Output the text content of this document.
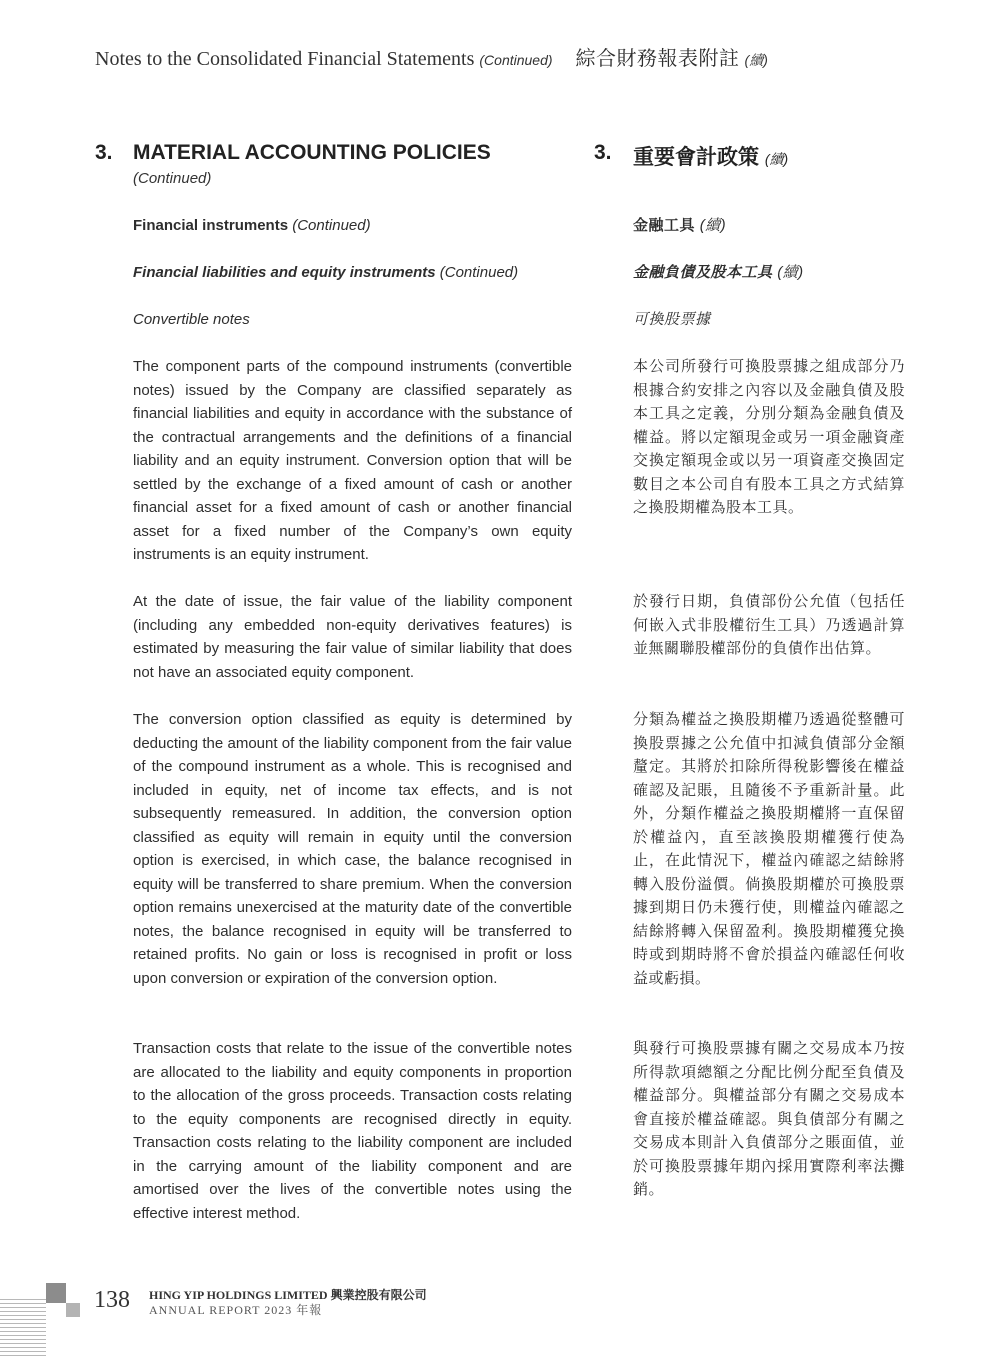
Notes to the Consolidated Financial Statements (Continued) 綜合財務報表附註 (續)
3. MATERIAL ACCOUNTING POLICIES
(Continued)
3. 重要會計政策 (續)
Financial instruments (Continued)	金融工具 (續)
Financial liabilities and equity instruments (Continued)	金融負債及股本工具 (續)
Convertible notes	可換股票據

The component parts of the compound instruments (convertible notes) issued by the Company are classified separately as financial liabilities and equity in accordance with the substance of the contractual arrangements and the definitions of a financial liability and an equity instrument. Conversion option that will be settled by the exchange of a fixed amount of cash or another financial asset for a fixed amount of cash or another financial asset for a fixed number of the Company’s own equity instruments is an equity instrument.

At the date of issue, the fair value of the liability component (including any embedded non-equity derivatives features) is estimated by measuring the fair value of similar liability that does not have an associated equity component.

The conversion option classified as equity is determined by deducting the amount of the liability component from the fair value of the compound instrument as a whole. This is recognised and included in equity, net of income tax effects, and is not subsequently remeasured. In addition, the conversion option classified as equity will remain in equity until the conversion option is exercised, in which case, the balance recognised in equity will be transferred to share premium. When the conversion option remains unexercised at the maturity date of the convertible notes, the balance recognised in equity will be transferred to retained profits. No gain or loss is recognised in profit or loss upon conversion or expiration of the conversion option.

Transaction costs that relate to the issue of the convertible notes are allocated to the liability and equity components in proportion to the allocation of the gross proceeds. Transaction costs relating to the equity components are recognised directly in equity. Transaction costs relating to the liability component are included in the carrying amount of the liability component and are amortised over the lives of the convertible notes using the effective interest method.

本公司所發行可換股票據之組成部分乃根據合約安排之內容以及金融負債及股本工具之定義，分別分類為金融負債及權益。將以定額現金或另一項金融資產交換定額現金或以另一項資產交換固定數目之本公司自有股本工具之方式結算之換股期權為股本工具。

於發行日期，負債部份公允值（包括任何嵌入式非股權衍生工具）乃透過計算並無關聯股權部份的負債作出估算。

分類為權益之換股期權乃透過從整體可換股票據之公允值中扣減負債部分金額釐定。其將於扣除所得稅影響後在權益確認及記賬，且隨後不予重新計量。此外，分類作權益之換股期權將一直保留於權益內，直至該換股期權獲行使為止，在此情況下，權益內確認之結餘將轉入股份溢價。倘換股期權於可換股票據到期日仍未獲行使，則權益內確認之結餘將轉入保留盈利。換股期權獲兌換時或到期時將不會於損益內確認任何收益或虧損。

與發行可換股票據有關之交易成本乃按所得款項總額之分配比例分配至負債及權益部分。與權益部分有關之交易成本會直接於權益確認。與負債部分有關之交易成本則計入負債部分之賬面值，並於可換股票據年期內採用實際利率法攤銷。

138 HING YIP HOLDINGS LIMITED 興業控股有限公司
ANNUAL REPORT 2023 年報
